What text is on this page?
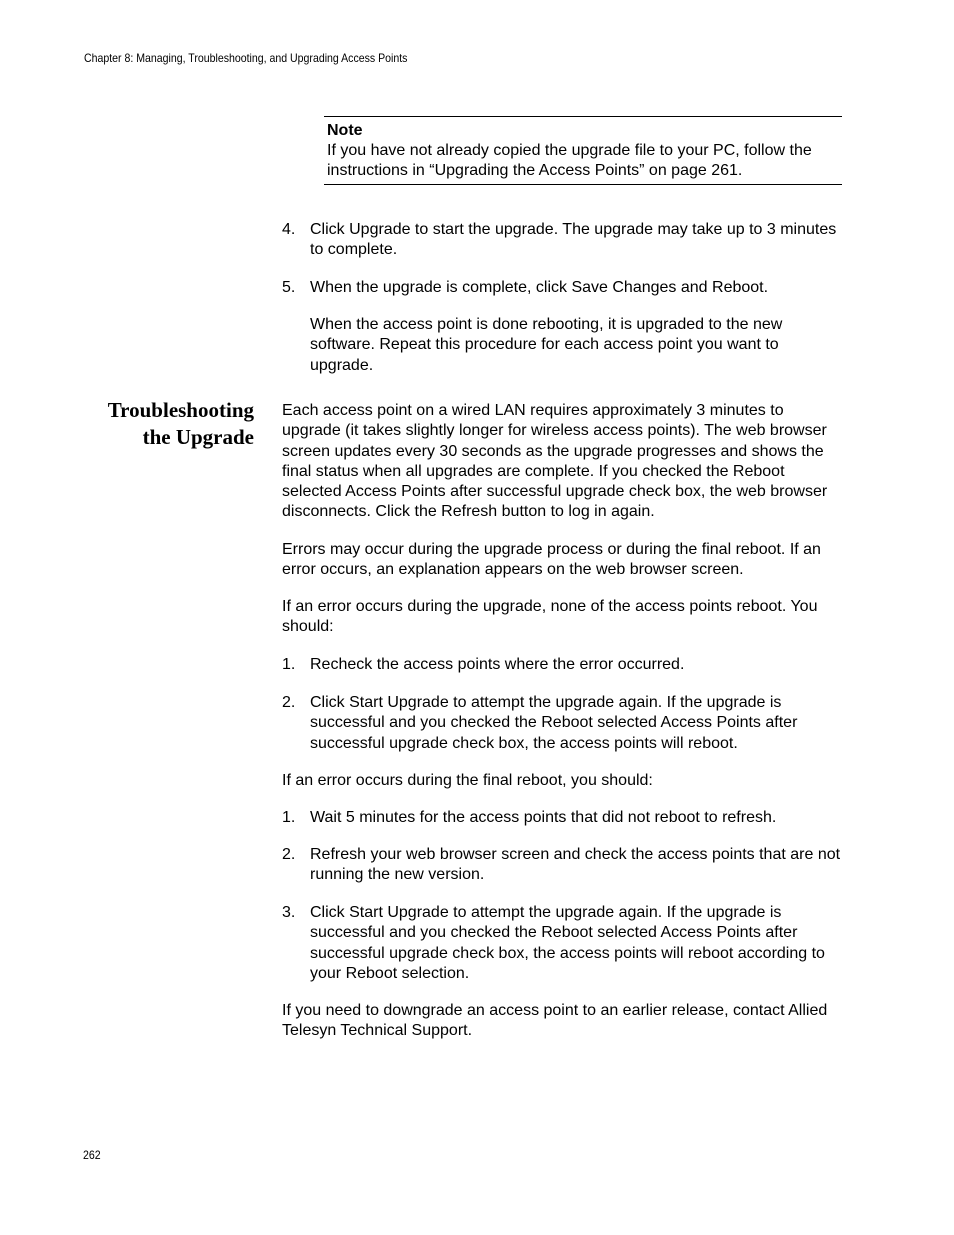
Chapter 8: Managing, Troubleshooting, and Upgrading Access Points
Note
If you have not already copied the upgrade file to your PC, follow the instructions in “Upgrading the Access Points” on page 261.
4. Click Upgrade to start the upgrade. The upgrade may take up to 3 minutes to complete.
5. When the upgrade is complete, click Save Changes and Reboot.

When the access point is done rebooting, it is upgraded to the new software. Repeat this procedure for each access point you want to upgrade.

Each access point on a wired LAN requires approximately 3 minutes to upgrade (it takes slightly longer for wireless access points). The web browser screen updates every 30 seconds as the upgrade progresses and shows the final status when all upgrades are complete. If you checked the Reboot selected Access Points after successful upgrade check box, the web browser disconnects. Click the Refresh button to log in again.

Errors may occur during the upgrade process or during the final reboot. If an error occurs, an explanation appears on the web browser screen.

If an error occurs during the upgrade, none of the access points reboot. You should:

1. Recheck the access points where the error occurred.
2. Click Start Upgrade to attempt the upgrade again. If the upgrade is successful and you checked the Reboot selected Access Points after successful upgrade check box, the access points will reboot.

If an error occurs during the final reboot, you should:

1. Wait 5 minutes for the access points that did not reboot to refresh.
2. Refresh your web browser screen and check the access points that are not running the new version.
3. Click Start Upgrade to attempt the upgrade again. If the upgrade is successful and you checked the Reboot selected Access Points after successful upgrade check box, the access points will reboot according to your Reboot selection.

If you need to downgrade an access point to an earlier release, contact Allied Telesyn Technical Support.

Troubleshooting
the Upgrade
262
